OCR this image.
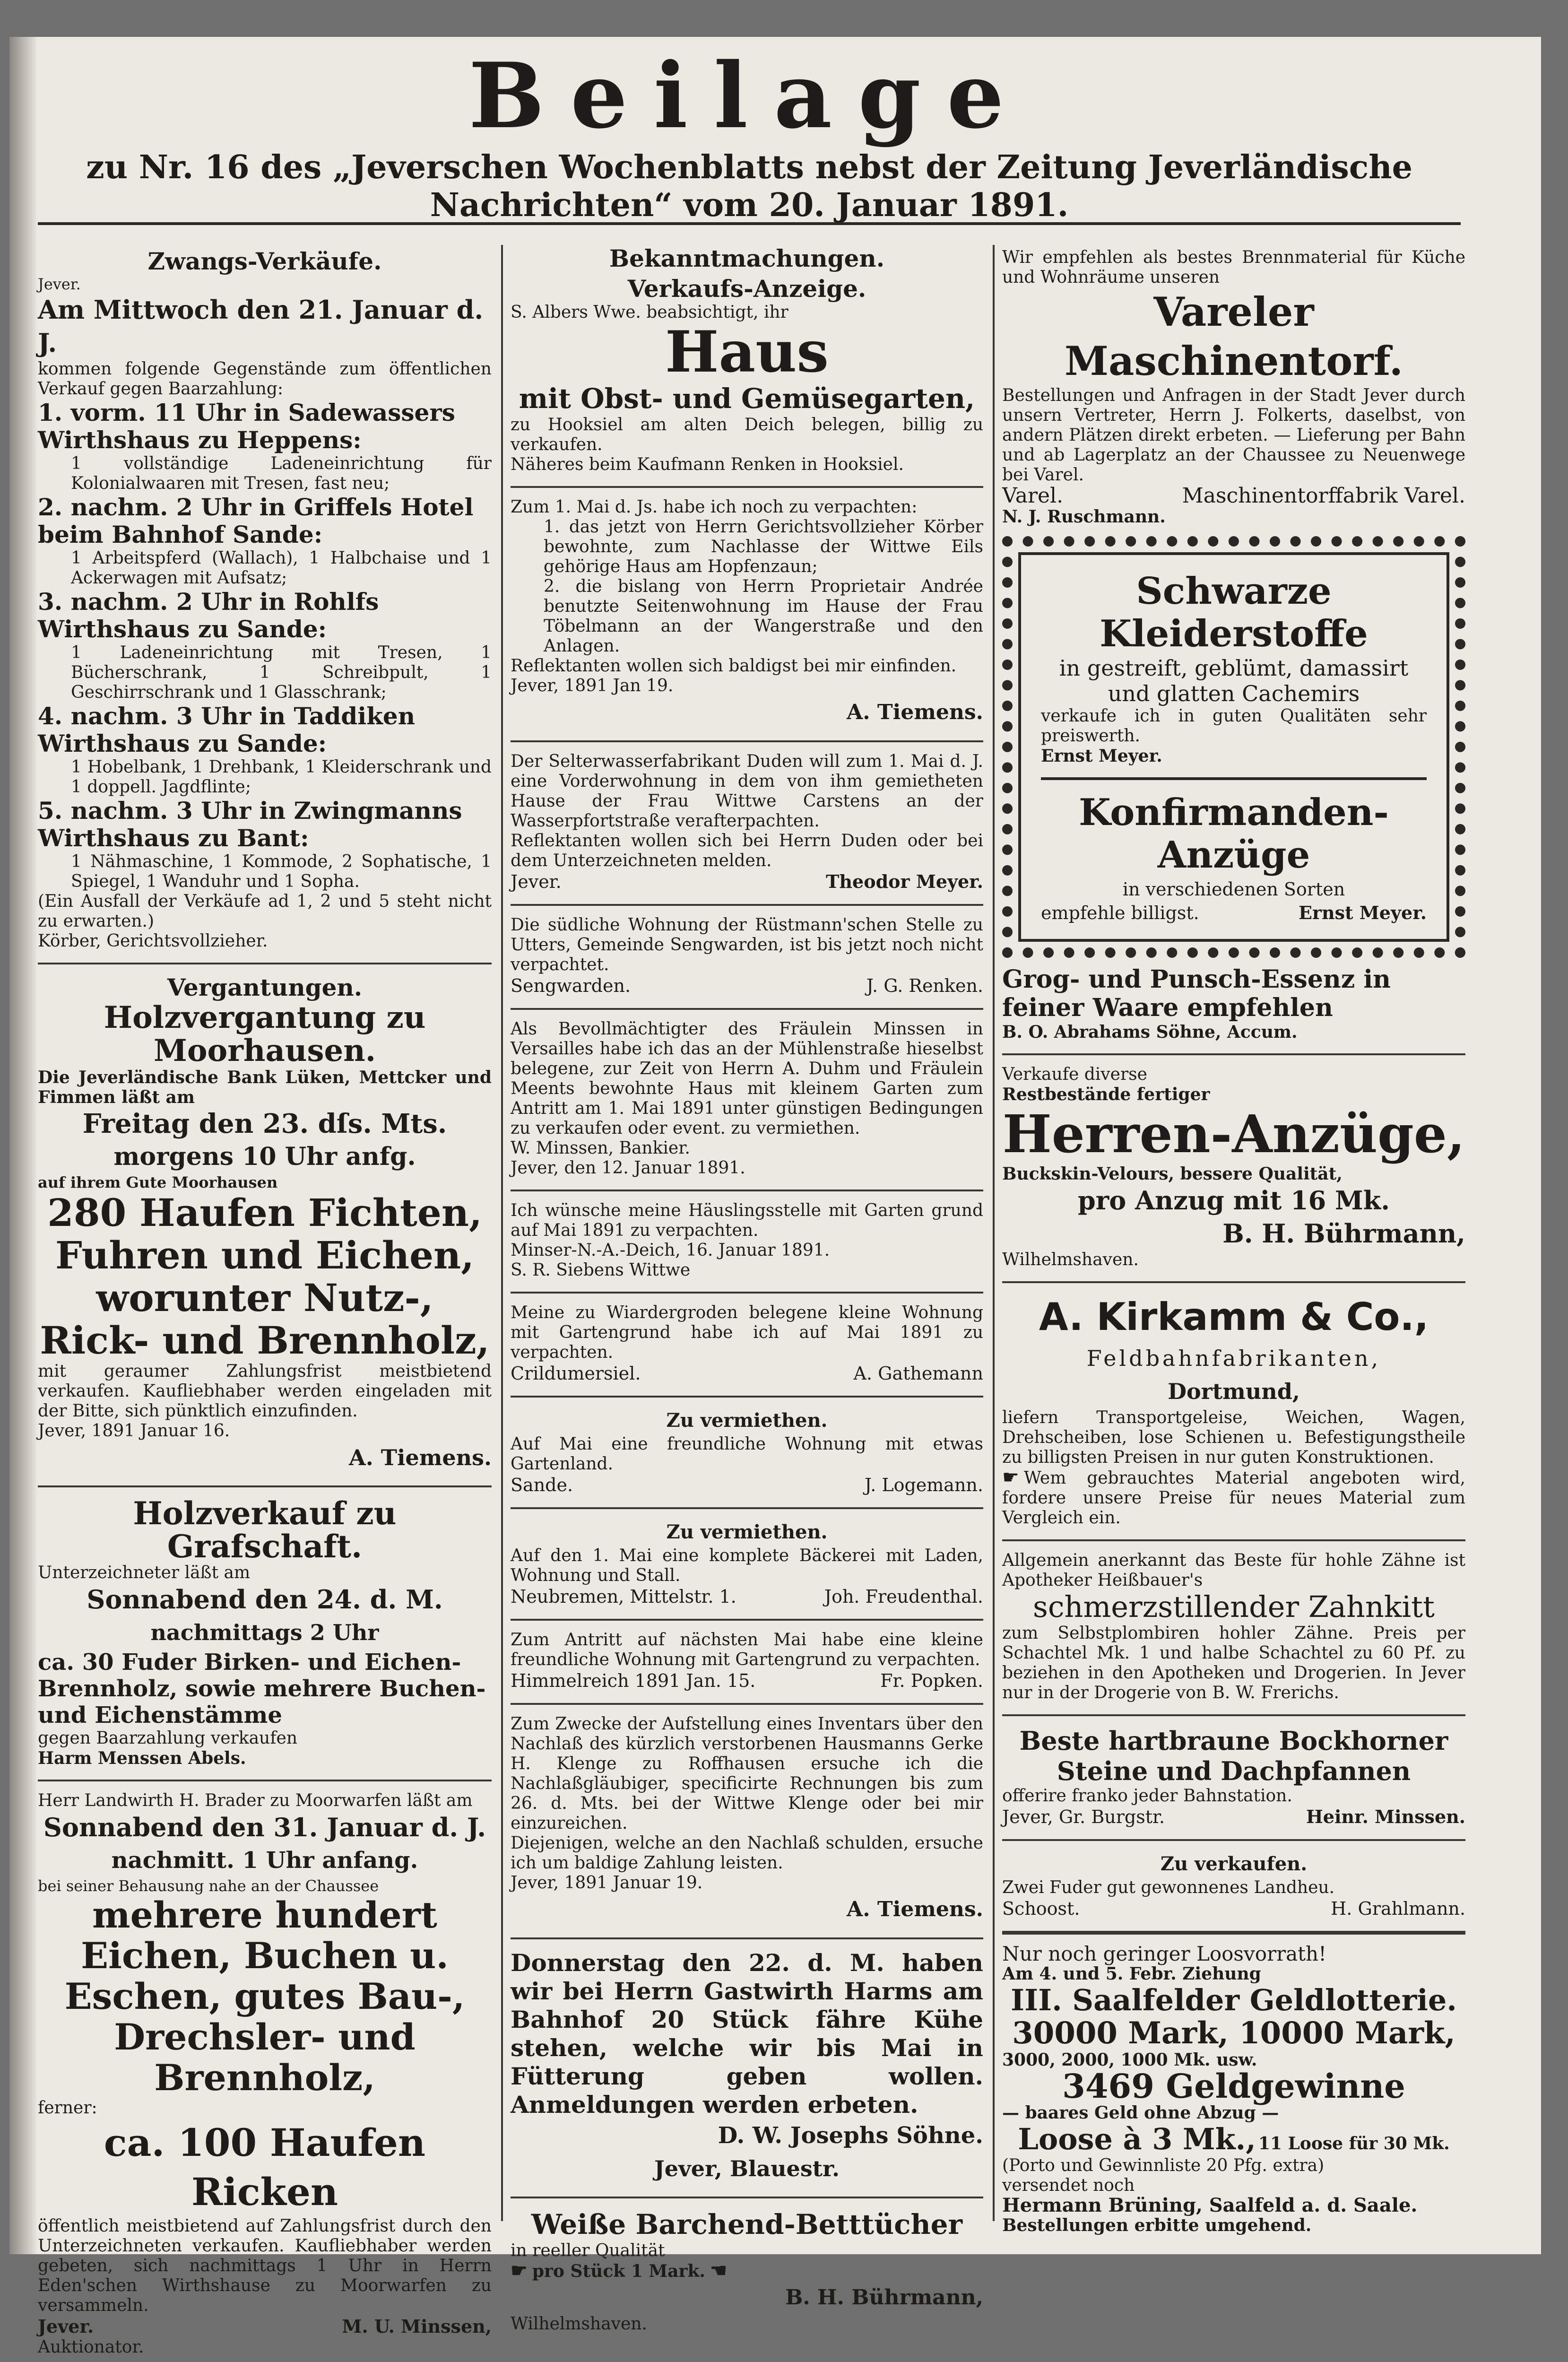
Beilage
zu Nr. 16 des „Jeverschen Wochenblatts nebst der Zeitung Jeverländische Nachrichten“ vom 20. Januar 1891.
Zwangs-Verkäufe.
Jever.
Am Mittwoch den 21. Januar d. J.
kommen folgende Gegenstände zum öffentlichen Verkauf gegen Baarzahlung:
1. vorm. 11 Uhr in Sadewassers Wirthshaus zu Heppens:
1 vollständige Ladeneinrichtung für Kolonialwaaren mit Tresen, fast neu;
2. nachm. 2 Uhr in Griffels Hotel beim Bahnhof Sande:
1 Arbeitspferd (Wallach), 1 Halbchaise und 1 Ackerwagen mit Aufsatz;
3. nachm. 2 Uhr in Rohlfs Wirthshaus zu Sande:
1 Ladeneinrichtung mit Tresen, 1 Bücherschrank, 1 Schreibpult, 1 Geschirrschrank und 1 Glasschrank;
4. nachm. 3 Uhr in Taddiken Wirthshaus zu Sande:
1 Hobelbank, 1 Drehbank, 1 Kleiderschrank und 1 doppell. Jagdflinte;
5. nachm. 3 Uhr in Zwingmanns Wirthshaus zu Bant:
1 Nähmaschine, 1 Kommode, 2 Sophatische, 1 Spiegel, 1 Wanduhr und 1 Sopha.
(Ein Ausfall der Verkäufe ad 1, 2 und 5 steht nicht zu erwarten.)
Körber, Gerichtsvollzieher.
Vergantungen.
Holzvergantung zu Moorhausen.
Die Jeverländische Bank Lüken, Mettcker und Fimmen läßt am
Freitag den 23. dſs. Mts.
morgens 10 Uhr anfg.
auf ihrem Gute Moorhausen
280 Haufen Fichten, Fuhren und Eichen, worunter Nutz-, Rick- und Brennholz,
mit geraumer Zahlungsfrist meistbietend verkaufen. Kaufliebhaber werden eingeladen mit der Bitte, sich pünktlich einzufinden.
Jever, 1891 Januar 16.
A. Tiemens.
Holzverkauf zu Grafschaft.
Unterzeichneter läßt am
Sonnabend den 24. d. M.
nachmittags 2 Uhr
ca. 30 Fuder Birken- und Eichen-Brennholz, sowie mehrere Buchen- und Eichenstämme
gegen Baarzahlung verkaufen
Harm Menssen Abels.
Herr Landwirth H. Brader zu Moorwarfen läßt am
Sonnabend den 31. Januar d. J.
nachmitt. 1 Uhr anfang.
bei seiner Behausung nahe an der Chaussee
mehrere hundert Eichen, Buchen u. Eschen, gutes Bau-, Drechsler- und Brennholz,
ferner:
ca. 100 Haufen Ricken
öffentlich meistbietend auf Zahlungsfrist durch den Unterzeichneten verkaufen. Kaufliebhaber werden gebeten, sich nachmittags 1 Uhr in Herrn Eden'schen Wirthshause zu Moorwarfen zu versammeln.
Jever.	M. U. Minssen,
Auktionator.
Bekanntmachungen.
Verkaufs-Anzeige.
S. Albers Wwe. beabsichtigt, ihr
Haus
mit Obst- und Gemüsegarten,
zu Hooksiel am alten Deich belegen, billig zu verkaufen.
Näheres beim Kaufmann Renken in Hooksiel.
Zum 1. Mai d. Js. habe ich noch zu verpachten:
1. das jetzt von Herrn Gerichtsvollzieher Körber bewohnte, zum Nachlasse der Wittwe Eils gehörige Haus am Hopfenzaun;
2. die bislang von Herrn Proprietair Andrée benutzte Seitenwohnung im Hause der Frau Töbelmann an der Wangerstraße und den Anlagen.
Reflektanten wollen sich baldigst bei mir einfinden.
Jever, 1891 Jan 19.
A. Tiemens.
Der Selterwasserfabrikant Duden will zum 1. Mai d. J. eine Vorderwohnung in dem von ihm gemietheten Hause der Frau Wittwe Carstens an der Wasserpfortstraße verafterpachten.
Reflektanten wollen sich bei Herrn Duden oder bei dem Unterzeichneten melden.
Jever.	Theodor Meyer.
Die südliche Wohnung der Rüstmann'schen Stelle zu Utters, Gemeinde Sengwarden, ist bis jetzt noch nicht verpachtet.
Sengwarden.	J. G. Renken.
Als Bevollmächtigter des Fräulein Minssen in Versailles habe ich das an der Mühlenstraße hieselbst belegene, zur Zeit von Herrn A. Duhm und Fräulein Meents bewohnte Haus mit kleinem Garten zum Antritt am 1. Mai 1891 unter günstigen Bedingungen zu verkaufen oder event. zu vermiethen.
W. Minssen, Bankier.
Jever, den 12. Januar 1891.
Ich wünsche meine Häuslingsstelle mit Garten grund auf Mai 1891 zu verpachten.
Minser-N.-A.-Deich, 16. Januar 1891.
S. R. Siebens Wittwe
Meine zu Wiardergroden belegene kleine Wohnung mit Gartengrund habe ich auf Mai 1891 zu verpachten.
Crildumersiel.	A. Gathemann
Zu vermiethen.
Auf Mai eine freundliche Wohnung mit etwas Gartenland.
Sande.	J. Logemann.
Zu vermiethen.
Auf den 1. Mai eine komplete Bäckerei mit Laden, Wohnung und Stall.
Neubremen, Mittelstr. 1.	Joh. Freudenthal.
Zum Antritt auf nächsten Mai habe eine kleine freundliche Wohnung mit Gartengrund zu verpachten.
Himmelreich 1891 Jan. 15.	Fr. Popken.
Zum Zwecke der Aufstellung eines Inventars über den Nachlaß des kürzlich verstorbenen Hausmanns Gerke H. Klenge zu Roffhausen ersuche ich die Nachlaßgläubiger, specificirte Rechnungen bis zum 26. d. Mts. bei der Wittwe Klenge oder bei mir einzureichen.
Diejenigen, welche an den Nachlaß schulden, ersuche ich um baldige Zahlung leisten.
Jever, 1891 Januar 19.
A. Tiemens.
Donnerstag den 22. d. M. haben wir bei Herrn Gastwirth Harms am Bahnhof 20 Stück fähre Kühe stehen, welche wir bis Mai in Fütterung geben wollen. Anmeldungen werden erbeten.
D. W. Josephs Söhne.
Jever, Blauestr.
Weiße Barchend-Betttücher
in reeller Qualität
☛ pro Stück 1 Mark. ☚
B. H. Bührmann,
Wilhelmshaven.
Wir empfehlen als bestes Brennmaterial für Küche und Wohnräume unseren
Vareler Maschinentorf.
Bestellungen und Anfragen in der Stadt Jever durch unsern Vertreter, Herrn J. Folkerts, daselbst, von andern Plätzen direkt erbeten. — Lieferung per Bahn und ab Lagerplatz an der Chaussee zu Neuenwege bei Varel.
Varel.	Maschinentorffabrik Varel.
N. J. Ruschmann.
Schwarze Kleiderstoffe
in gestreift, geblümt, damassirt und glatten Cachemirs
verkaufe ich in guten Qualitäten sehr preiswerth.
Ernst Meyer.
Konfirmanden-Anzüge
in verschiedenen Sorten
empfehle billigst.	Ernst Meyer.
Grog- und Punsch-Essenz in feiner Waare empfehlen
B. O. Abrahams Söhne, Accum.
Verkaufe diverse
Restbestände fertiger
Herren-Anzüge,
Buckskin-Velours, bessere Qualität,
pro Anzug mit 16 Mk.
B. H. Bührmann,
Wilhelmshaven.
A. Kirkamm & Co.,
Feldbahnfabrikanten,
Dortmund,
liefern Transportgeleise, Weichen, Wagen, Drehscheiben, lose Schienen u. Befestigungstheile zu billigsten Preisen in nur guten Konstruktionen.
☛ Wem gebrauchtes Material angeboten wird, fordere unsere Preise für neues Material zum Vergleich ein.
Allgemein anerkannt das Beste für hohle Zähne ist Apotheker Heißbauer's
schmerzstillender Zahnkitt
zum Selbstplombiren hohler Zähne. Preis per Schachtel Mk. 1 und halbe Schachtel zu 60 Pf. zu beziehen in den Apotheken und Drogerien. In Jever nur in der Drogerie von B. W. Frerichs.
Beste hartbraune Bockhorner Steine und Dachpfannen
offerire franko jeder Bahnstation.
Jever, Gr. Burgstr.	Heinr. Minssen.
Zu verkaufen.
Zwei Fuder gut gewonnenes Landheu.
Schoost.	H. Grahlmann.
Nur noch geringer Loosvorrath!
Am 4. und 5. Febr. Ziehung
III. Saalfelder Geldlotterie.
30000 Mark, 10000 Mark,
3000, 2000, 1000 Mk. usw.
3469 Geldgewinne
— baares Geld ohne Abzug —
Loose à 3 Mk., 11 Loose für 30 Mk.
(Porto und Gewinnliste 20 Pfg. extra)
versendet noch
Hermann Brüning, Saalfeld a. d. Saale.
Bestellungen erbitte umgehend.
